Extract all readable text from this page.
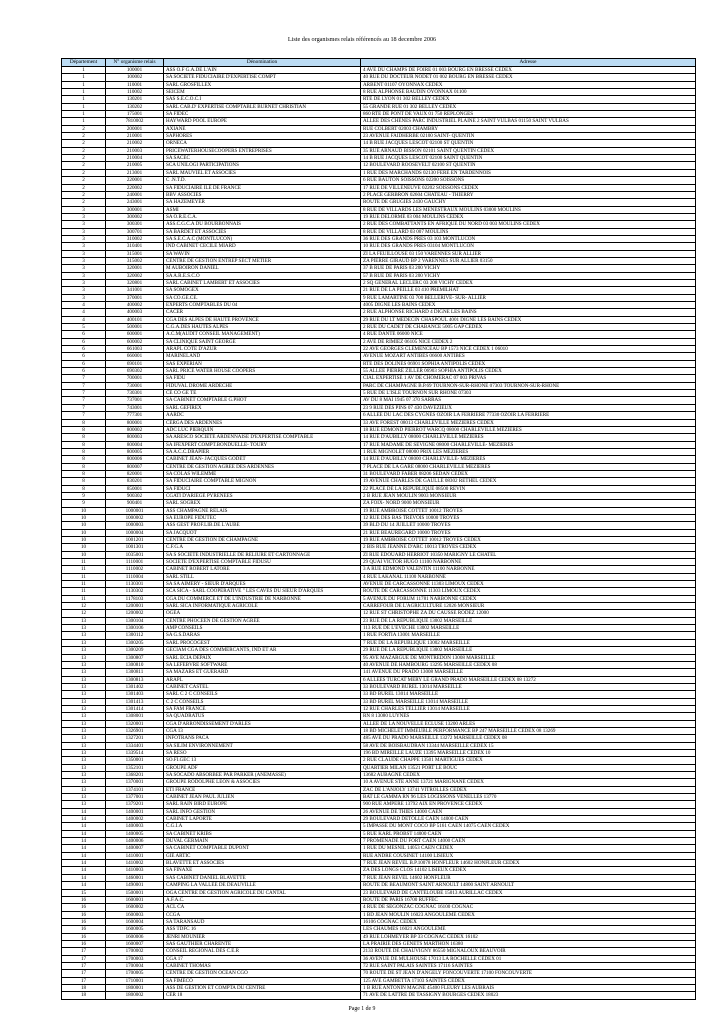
Liste des organismes relais référencés au 18 decembre 2006
Département	N° organisme relais	Dénomination	Adresse
1	100001	ASS O.F G.A.DE L'AIN	4 AVE DU CHAMPS DE FOIRE 01 003 BOURG EN BRESSE CEDEX
1	100002	SA SOCIETE FIDUCIAIRE D'EXPERTISE COMPT	40 RUE DU DOCTEUR NODET 01 002 BOURG EN BRESSE CEDEX
1	110001	SARL GROSFILLEX	ARBENT 01107 OYONNAX CEDEX
1	110002	SEICEM	8 RUE ALPHONSE BAUDIN OYONNAX 01100
1	130201	SAS S.E.C.O.C.I	RTE DE LYON 01 302 BELLEY CEDEX
1	130202	SARL CAB.D' EXPERTISE COMPTABLE BURNET CHRISTIAN	55 GRANDE RUE 01 302 BELLEY CEDEX
1	175001	SA FIDEC	860 RTE DE PONT DE VAUX 01 750 REPLONGES
1	7810002	HAYWARD POOL EUROPE	ALLEE DES CHENES PARC INDUSTRIEL PLAINE 2 SAINT VULBAS 01150 SAINT VULBAS
2	200001	AXIANE	RUE COLBERT 02003 CHAMBRY
2	210001	SAPHORES	23 AVENUE FAIDHERBE 02100 SAINT- QUENTIN
2	210002	ORNECA	14 B RUE JACQUES LESCOT 02100 ST QUENTIN
2	210003	PRICEWATERHOUSECOOPERS ENTREPRISES	35 RUE ARNAUD BISSON 02101 SAINT QUENTIN CEDEX
2	210004	SA SACEC	14 B RUE JACQUES LESCOT 02100 SAINT QUENTIN
2	210005	SCA UNILOGI PARTICIPATIONS	12 BOULEVARD ROOSEVELT 02100 ST QUENTIN
2	213001	SARL MAUVIEL ET ASSOCIES	1 RUE DES MARCHANDS 02130 FERE EN TARDENNOIS
2	220001	C .N.T.D.	6 RUE BAUTON SOISSONS 02200 SOISSONS
2	220002	SA FIDUCIAIRE ILE DE FRANCE	17 RUE DE VILLENEUVE 02202 SOISSONS CEDEX
2	240001	BBV ASSOCIES	2 PLACE GERBRON 02604 CHATEAU - THIERRY
2	243001	SA HAZEMEYER	ROUTE DE GRUGIES 2430 GAUCHY
3	300001	ASMI	8 RUE DE VILLARDS LES MENESTRAUX MOULINS 03000 MOULINS
3	300002	SA O.R.E.C.A.	19 RUE DELORME 03 004 MOULINS CEDEX
3	300301	ASS.C.G.C.A DU BOURBONNAIS	2 RUE DES COMBATTANTS EN AFRIQUE DU NORD 03 003 MOULINS CEDEX
3	300701	SA BARDET ET ASSOCIES	8 RUE DE VILLARD 03 007 MOULINS
3	310002	SA S.E.C.A.C (MONTLUCON)	36 RUE DES GRANDS PRES 03 103 MONTLUCON
3	310401	IND CABINET CECILE MIARD	10 RUE DES GRANDS PRES 03104 MONTLUCON
3	315001	SA WAVIN	ZI LA FEUILLOUSE 03 150 VARENNES SUR ALLIER
3	315002	CENTRE DE GESTION ENTREP SECT METIER	ZA PIERRE GIRAUD BP 2 VARENNES SUR ALLIER 03150
3	320001	M AUBOIRON DANIEL	37 B RUE DE PARIS 03 200 VICHY
3	320002	SA A.R.E.S.C.O	57 B RUE DE PARIS 03 200 VICHY
3	320801	SARL CABINET LAMBERT ET ASSOCIES	2 SQ GENERAL LECLERC 03 208 VICHY CEDEX
3	341001	SA SOMOGEX	21 RUE DE LA PEILLE 03 410 PREMILHAT
3	370001	SA CO.GE.CE.	9 RUE LAMARTINE 03 700 BELLERIVE- SUR- ALLIER
4	400002	EXPERTS COMPTABLES DU 04	4005 DIGNE LES BAINS CEDEX
4	400003	CACER	2 RUE ALPHONSE RICHARD 4 DIGNE LES BAINS
4	400101	CGA DES ALPES DE HAUTE PROVENCE	29 RUE DU LT MEDECIN CHASPOUL 4001 DIGNE LES BAINS CEDEX
5	500001	C.G.A.DES HAUTES ALPES	2 RUE DU CADET DE CHABANCE 5005 GAP CEDEX
6	600001	A.C.M(AUDIT CONSEIL MANAGEMENT)	4 RUE DANTE 06000 NICE
6	600002	SA CLINIQUE SAINT GEORGE	2 AVE DE RIMIEZ 06105 NICE CEDEX 2
6	661003	ARAPL COTE D'AZUR	22 AVE GEORGES CLEMENCEAU BP 1573 NICE CEDEX 1 06010
6	660001	MARINELAND	AVENUE MOZART ANTIBES 06600 ANTIBES
6	690101	SAS EXPERIAN	RTE DES DOLINES 06901 SOPHIA ANTIPOLIS CEDEX
6	690302	SARL PRICE WATER HOUSE COOPERS	55 ALLEE PIERRE ZILLER 06903 SOPHIA ANTIPOLIS CEDEX
7	700001	SA FIDU	CIAL EXPERTISE 1 AV DE CHOMERAC 07 003 PRIVAS
7	730001	FIDUVAL DROME ARDECHE	PARC DE CHAMPAGNE B.P.69 TOURNON-SUR-RHONE 07303 TOURNON-SUR-RHONE
7	730301	CE CO GE TE	5 RUE DE L'ISLE TOURNON SUR RHONE 07303
7	737001	SA CABINET COMPTABLE G.PHOT	AV DU 8 MAI 1945 07 370 SARRAS
7	743001	SARL GEFIREX	23 9 RUE DES PINS 07 430 DAVEZIEUX
7	777301	AARDC	6 ALLEE DU LAC DES CYGNES OZOIR LA FERRIERE 77330 OZOIR LA FERRIERE
8	800001	CERGA DES ARDENNES	33 AVE FOREST 08013 CHARLEVILLE MEZIERES CEDEX
8	800002	ADC LUC PIERQUIN	18 RUE EDMOND PIERROT WARCQ 08000 CHARLEVILLE MEZIERES
8	800003	SA ARESCO SOCIETE ARDENNAISE D'EXPERTISE COMPTABLE	14 RUE D'AUBILLY 08000 CHARLEVILLE MEZIERES
8	800004	SA IFEXPERT COMPT.BONDUELLE- TOURY	17 RUE MADAME DE SEVIGNE 08000 CHARLEVILLE- MEZIERES
8	800005	SA A.C.C.DRAPIER	1 RUE MIGNOLET 08000 PRIX LES MEZIERES
8	800006	CABINET JEAN- JACQUES GODET	14 RUE D'AUBILLY 08000 CHARLEVILLE- MEZIERES
8	800007	CENTRE DE GESTION AGREE DES ARDENNES	7 PLACE DE LA GARE 08000 CHARLEVILLE MEZIERES
8	820001	SA COLAS WILEMME	31 BOULEVARD FABER 08206 SEDAN CEDEX
8	830201	SA FIDUCIAIRE COMPTABLE MIGNON	19 AVENUE CHARLES DE GAULLE 08302 RETHEL CEDEX
8	850001	SA FIDUCI	22 PLACE DE LA REPUBLIQUE 08500 REVIN
9	900302	CGATI D'ARIEGE PYRENEES	2 B RUE JEAN MOULIN 9003 MONSIEUR
9	900401	SARL SOGREX	ZA FOIX- NORD 9000 MONSIEUR
10	1000001	ASS CHAMPAGNE RELAIS	19 RUE AMBROISE COTTET 10012 TROYES
10	1000002	SA EUROPE FIDUTEC	12 RUE DES BAS TREVOIS 10000 TROYES
10	1000003	ASS GEST PROF.LIB.DE L'AUBE	39 BLD DU 14 JUILLET 10000 TROYES
10	1000004	SA JACQUOT	21 RUE BEAUREGARD 10000 TROYES
10	1001201	CENTRE DE GESTION DE CHAMPAGNE	19 RUE AMBROISE COTTET 10012 TROYES CEDEX
10	1001301	C.F.G.A	2 BIS RUE JEANNE D'ARC 10013 TROYES CEDEX
10	1035001	SA S SOCIETE INDUSTRIELLE DE RELIURE ET CARTONNAGE	ZI RUE EDOUARD HERRIOT 10350 MARIGNY LE CHATEL
11	1110001	SOCIETE D'EXPERTISE COMPTABLE FIDUSU	29 QUAI VICTOR HUGO 11100 NARBONNE
11	1110002	CABINET ROBERT LATORE	3 A RUE EDMOND VALENTIN 11100 NARBONNE
11	1110004	SARL STILL	4 RUE LAKANAL 11100 NARBONNE
11	1130301	SA SA AIMERY - SIEUR D'ARQUES	AVENUE DE CARCASSONNE 11303 LIMOUX CEDEX
11	1130302	SCA SICA - SARL COOPERATIVE " LES CAVES DU SIEUR D'ARQUES	ROUTE DE CARCASSONNE 11303 LIMOUX CEDEX
11	1178103	CGA DU COMMERCE ET DE L'INDUSTRIE DE NARBONNE	5 AVENUE DU FORUM 11781 NARBONNE CEDEX
12	1200001	SARL SICA INFORMATIQUE AGRICOLE	CARREFOUR DE L'AGRICULTURE 12026 MONSIEUR
12	1200002	OGEA	12 RUE ST CHRISTOPHE ZA DU CAUSSE RODEZ 12000
13	1300104	CENTRE PHOCEEN DE GESTION AGREE	23 RUE DE LA REPUBLIQUE 13002 MARSEILLE
13	1300106	AMP CONSEILS	113 RUE DE L'EVECHE 13002 MARSEILLE
13	1300112	SA G.S.DARAS	1 RUE FORTIA 13001 MARSEILLE
13	1300205	SARL PROCOGEST	7 RUE DE LA REPUBLIQUE 13002 MARSEILLE
13	1300209	GECIAM CGA DES COMMERCANTS, IND ET AR	29 RUE DE LA REPUBLIQUE 13002 MARSEILLE
13	1300807	SARL ECIA DEPAIX	95 AVE MAZARGUE DE MONTREDON 13008 MARSEILLE
13	1300810	SA LEFEBVRE SOFTWARE	40 AVENUE DE HAMBOURG 13295 MARSEILLE CEDEX 08
13	1300811	SA MAZARS ET GUERARD	141 AVENUE DU PRADO 13008 MARSEILLE
13	1300813	ARAPL	6 ALLEES TURCAT MERY LE GRAND PRADO MARSEILLE CEDEX 08 13272
13	1301402	CABINET CASTEL	33 BOULEVARD BUREL 13014 MARSEILLE
13	1301403	SARL C 2 C CONSEILS	33 BD BUREL 13014 MARSEILLE
13	1301413	C 2 C CONSEILS	33 BD BUREL MARSEILLE 13014 MARSEILLE
13	1301414	SA FAM FRANCE	12 RUE CHARLES TELLIER 13014 MARSEILLE
13	1308001	SA QUADRATUS	RN 8 13080 LUYNES
13	1320001	CGA D'ARRONDISSEMENT D'ARLES	ALLEE DE LA NOUVELLE ECLUSE 13200 ARLES
13	1326901	CGA 13	18 BD MICHELET IMMEUBLE PERFORMANCE BP 247 MARSEILLE CEDEX 08 13269
13	1327201	INFOTRANS PACA	485 AVE DU PRADO MARSEILLE 13272 MARSEILLE CEDEX 08
13	1334401	SA SILIM ENVIRONNEMENT	58 AVE DE BOISBAUDRAN 13344 MARSEILLE CEDEX 15
13	1339514	SA RESO	196 BD MIREILLE LAUZE 13395 MARSEILLE CEDEX 10
13	1350001	SO.FI.GEC 13	2 RUE CLAUDE CHAPPE 13501 MARTIGUES CEDEX
13	1352101	GROUPE ADF	QUARTIER MILAN 13521 PORT LE BOUC
13	1368201	SA SOCADO ABSORBEE PAR PARKER (ANEMASSE)	13682 AUBAGNE CEDEX
13	1370001	GROUPE RODOLPHE LEON & ASSOCIES	10 A AVENUE STE ANNE 13721 MARIGNANE CEDEX
13	1374101	ETI FRANCE	ZAC DE L'ANJOLY 13741 VITROLLES CEDEX
13	1377001	CABINET JEAN PAUL JULIEN	BAT LE GAMMA RN 96 LES LOGISSONS VENELLES 13770
13	1379201	SARL RAIN BIRD EUROPE	900 RUE AMPERE 13792 AIX EN PROVENCE CEDEX
14	1400001	SARL INFO GESTION	26 AVENUE DE THIES 14000 CAEN
14	1400002	CABINET LAPORTE	29 BOULEVARD DETOLLE CAEN 14000 CAEN
14	1400003	C.G.I.A	5 IMPASSE DU MONT COCO BP 5161 CAEN 14075 CAEN CEDEX
14	1400005	SA CABINET KRIBS	5 RUE KARL PROBST 14000 CAEN
14	1400006	DUVAL GERMAIN	7 PROMENADE DU FORT CAEN 14000 CAEN
14	1400007	SA CABINET COMPTABLE DUPONT	1 RUE DU MESNIL 14053 CAEN CEDEX
14	1410001	GIE ARTIC	RUE ANDRE COUSINET 14100 LISIEUX
14	1410002	BLAVETTE ET ASSOCIES	7 RUE JEAN REVEL B.P.10078 HONFLEUR 14602 HONFLEUR CEDEX
14	1410003	SA FINAXE	ZA DES LONGS CLOS 14102 LISIEUX CEDEX
14	1460001	SAS CABINET DANIEL BLAVETTE	7 RUE JEAN REVEL 14602 HONFLEUR
14	1490001	CAMPING LA VALLEE DE DEAUVILLE	ROUTE DE BEAUMONT SAINT ARNOULT 14800 SAINT ARNOULT
15	1500001	OGA CENTRE DE GESTION AGRICOLE DU CANTAL	23 BOULEVARD DE CANTELOUBE 15013 AURILLAC CEDEX
16	1600001	A.F.A.C.	ROUTE DE PARIS 16700 RUFFEC
16	1600002	ACL CA	4 RUE DE SEGONZAC COGNAC 16100 COGNAC
16	1600003	CCGA	1 BD JEAN MOULIN 16023 ANGOULEME CEDEX
16	1600004	SA TARANSAUD	16106 COGNAC CEDEX
16	1600005	ASS TDFC 16	LES CHAUMES 16021 ANGOULEME
16	1600006	JENRI MOUNIER	49 RUE LOHMEYER BP 33 COGNAC CEDEX 16102
16	1600007	SAS GAUTHIER CHARENTE	LA PRAIRIE DES GENETS MARTHON 16380
17	1700002	CONSEIL REGIONAL DES C.E.R	2133 ROUTE DE CHAUVIGNY 86550 MIGNALOUX BEAUVOIR
17	1700003	CGA 17	36 AVENUE DE MULHOUSE 17013 LA ROCHELLE CEDEX 01
17	1700004	CABINET THOMAS	72 RUE SAINT PALAIS SAINTES 17116 SAINTES
17	1700005	CENTRE DE GESTION OCEAN CGO	70 ROUTE DE ST JEAN D'ANGELY FONCOUVERTE 17100 FONCOUVERTE
17	1710001	SA FIMECO	125 AVE GAMBETTA 17103 SAINTES CEDEX
18	1800001	ASS DE GESTION ET COMPTA DU CENTRE	1 B RUE ANTONIN MAGNE 45400 FLEURY LES AUBRAIS
18	1800002	CER 18	71 AVE DE LATTRE DE TASSIGNY BOURGES CEDEX 18023
Page 1 de 9
